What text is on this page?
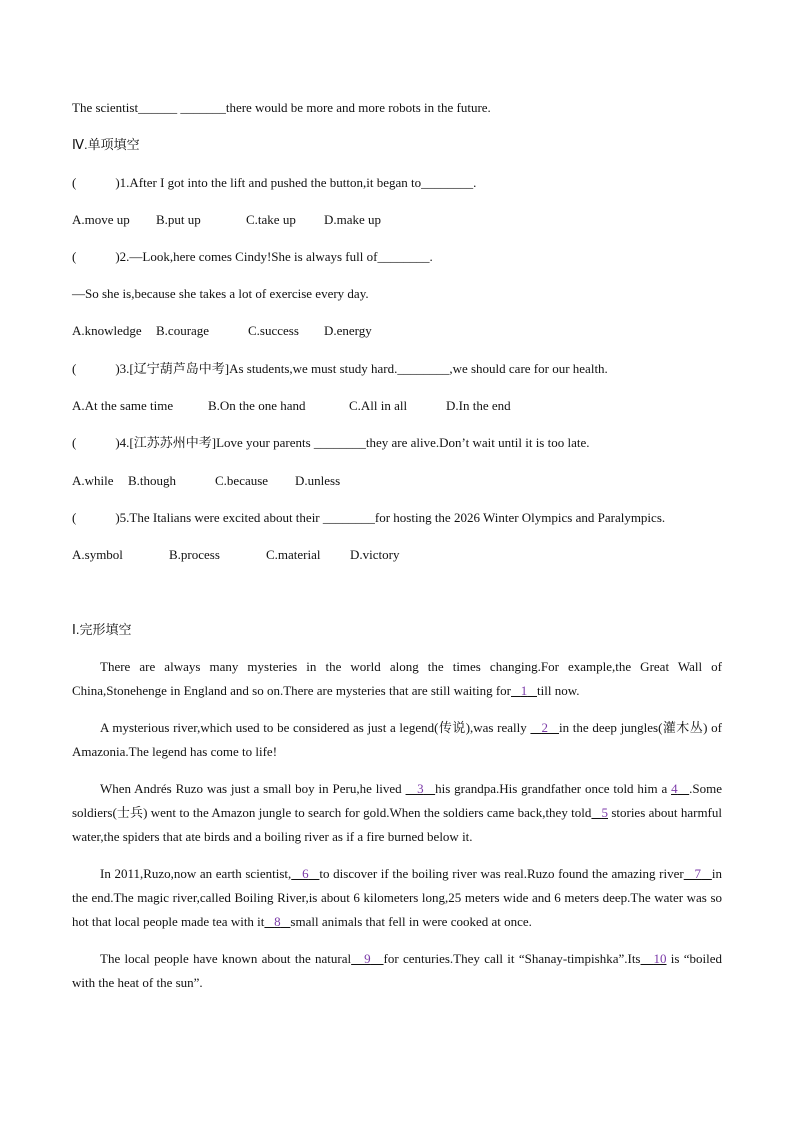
The scientist______ _______there would be more and more robots in the future.
Ⅳ.单项填空
(　　　)1.After I got into the lift and pushed the button,it began to________.
A.move up B.put up	C.take up D.make up
(　　　)2.—Look,here comes Cindy!She is always full of________.
—So she is,because she takes a lot of exercise every day.
A.knowledge B.courage	C.success D.energy
(　　　)3.[辽宁葫芦岛中考]As students,we must study hard.________,we should care for our health.
A.At the same time	B.On the one hand	C.All in all	D.In the end
(　　　)4.[江苏苏州中考]Love your parents ________they are alive.Don’t wait until it is too late.
A.while B.though	C.because D.unless
(　　　)5.The Italians were excited about their ________for hosting the 2026 Winter Olympics and Paralympics.
A.symbol	B.process	C.material D.victory
Ⅰ.完形填空

There are always many mysteries in the world along the times changing.For example,the Great Wall of China,Stonehenge in England and so on.There are mysteries that are still waiting for 1 till now.

A mysterious river,which used to be considered as just a legend(传说),was really    2 in the deep jungles(灌木丛) of Amazonia.The legend has come to life!

When Andrés Ruzo was just a small boy in Peru,he lived    3 his grandpa.His grandfather once told him a 4 .Some soldiers(士兵) went to the Amazon jungle to search for gold.When the soldiers came back,they told 5 stories about harmful water,the spiders that ate birds and a boiling river as if a fire burned below it.

In 2011,Ruzo,now an earth scientist, 6 to discover if the boiling river was real.Ruzo found the amazing river 7 in the end.The magic river,called Boiling River,is about 6 kilometers long,25 meters wide and 6 meters deep.The water was so hot that local people made tea with it 8 small animals that fell in were cooked at once.

The local people have known about the natural 9 for centuries.They call it “Shanay-timpishka”.Its 10 is “boiled with the heat of the sun”.
